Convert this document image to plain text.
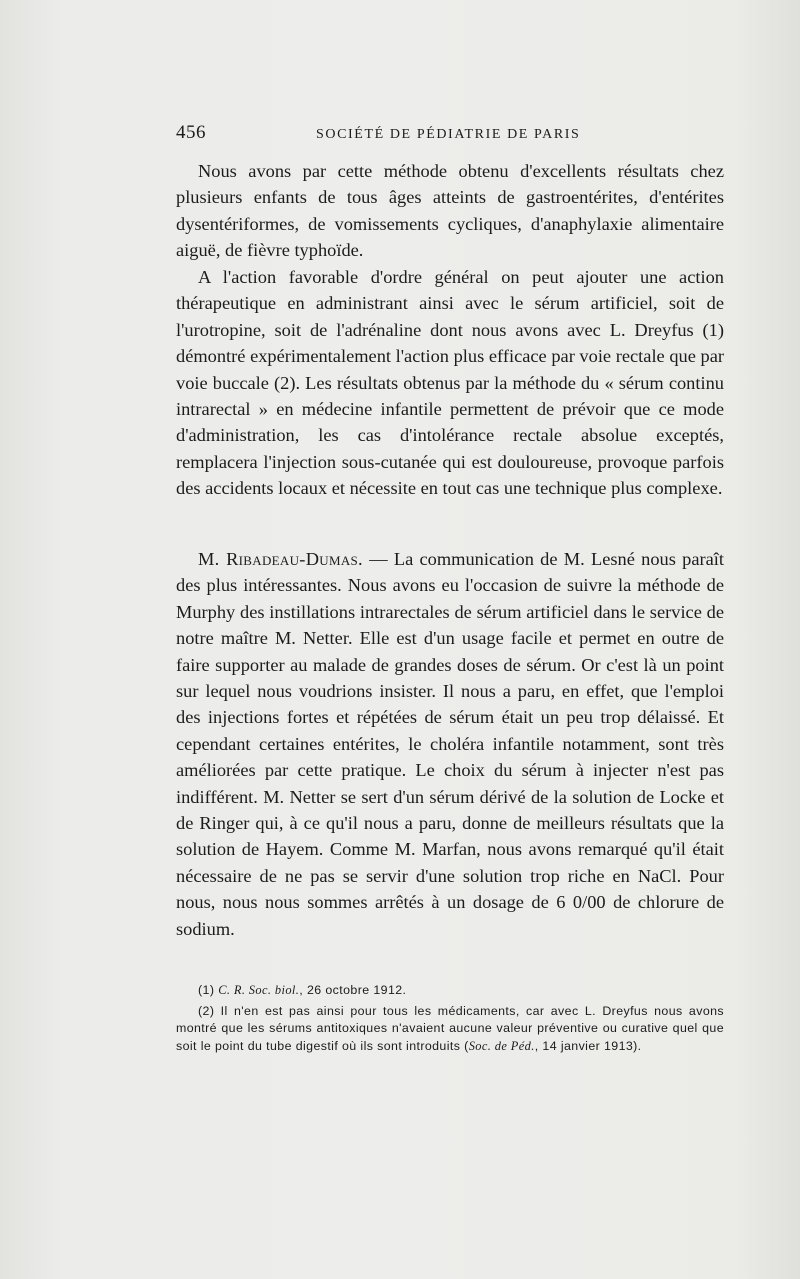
456	SOCIÉTÉ DE PÉDIATRIE DE PARIS

Nous avons par cette méthode obtenu d'excellents résultats chez plusieurs enfants de tous âges atteints de gastroentérites, d'entérites dysentériformes, de vomissements cycliques, d'anaphylaxie alimentaire aiguë, de fièvre typhoïde.

A l'action favorable d'ordre général on peut ajouter une action thérapeutique en administrant ainsi avec le sérum artificiel, soit de l'urotropine, soit de l'adrénaline dont nous avons avec L. Dreyfus (1) démontré expérimentalement l'action plus efficace par voie rectale que par voie buccale (2). Les résultats obtenus par la méthode du « sérum continu intrarectal » en médecine infantile permettent de prévoir que ce mode d'administration, les cas d'intolérance rectale absolue exceptés, remplacera l'injection sous-cutanée qui est douloureuse, provoque parfois des accidents locaux et nécessite en tout cas une technique plus complexe.

M. Ribadeau-Dumas. — La communication de M. Lesné nous paraît des plus intéressantes. Nous avons eu l'occasion de suivre la méthode de Murphy des instillations intrarectales de sérum artificiel dans le service de notre maître M. Netter. Elle est d'un usage facile et permet en outre de faire supporter au malade de grandes doses de sérum. Or c'est là un point sur lequel nous voudrions insister. Il nous a paru, en effet, que l'emploi des injections fortes et répétées de sérum était un peu trop délaissé. Et cependant certaines entérites, le choléra infantile notamment, sont très améliorées par cette pratique. Le choix du sérum à injecter n'est pas indifférent. M. Netter se sert d'un sérum dérivé de la solution de Locke et de Ringer qui, à ce qu'il nous a paru, donne de meilleurs résultats que la solution de Hayem. Comme M. Marfan, nous avons remarqué qu'il était nécessaire de ne pas se servir d'une solution trop riche en NaCl. Pour nous, nous nous sommes arrêtés à un dosage de 6 0/00 de chlorure de sodium.

(1) C. R. Soc. biol., 26 octobre 1912.

(2) Il n'en est pas ainsi pour tous les médicaments, car avec L. Dreyfus nous avons montré que les sérums antitoxiques n'avaient aucune valeur préventive ou curative quel que soit le point du tube digestif où ils sont introduits (Soc. de Péd., 14 janvier 1913).
